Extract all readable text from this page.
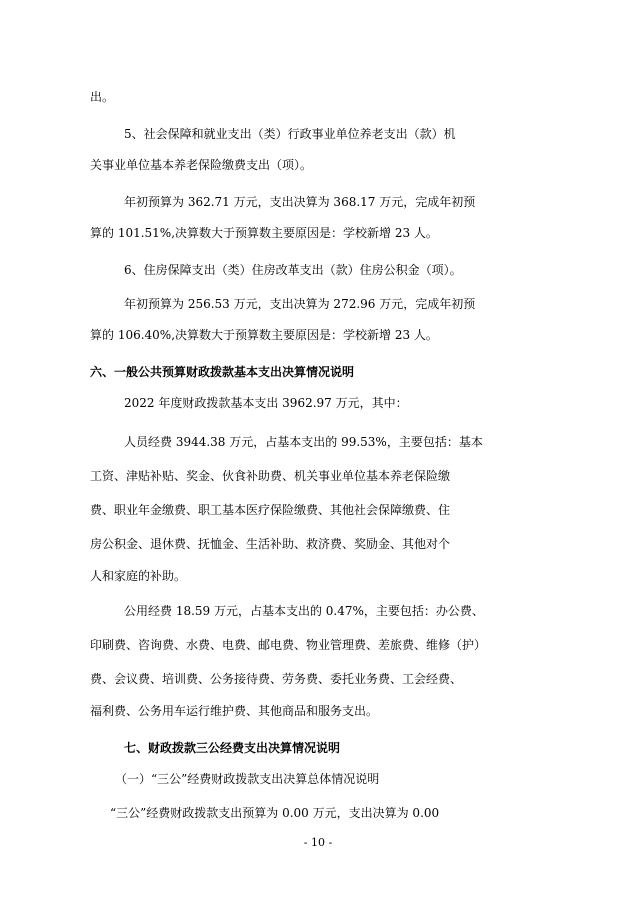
出。
5、社会保障和就业支出（类）行政事业单位养老支出（款）机
关事业单位基本养老保险缴费支出（项）。
年初预算为 362.71 万元，支出决算为 368.17 万元，完成年初预
算的 101.51%,决算数大于预算数主要原因是：学校新增 23 人。
6、住房保障支出（类）住房改革支出（款）住房公积金（项）。
年初预算为 256.53 万元，支出决算为 272.96 万元，完成年初预
算的 106.40%,决算数大于预算数主要原因是：学校新增 23 人。
六、一般公共预算财政拨款基本支出决算情况说明
2022 年度财政拨款基本支出 3962.97 万元，其中：
人员经费 3944.38 万元，占基本支出的 99.53%，主要包括：基本
工资、津贴补贴、奖金、伙食补助费、机关事业单位基本养老保险缴
费、职业年金缴费、职工基本医疗保险缴费、其他社会保障缴费、住
房公积金、退休费、抚恤金、生活补助、救济费、奖励金、其他对个
人和家庭的补助。
公用经费 18.59 万元，占基本支出的 0.47%，主要包括：办公费、
印刷费、咨询费、水费、电费、邮电费、物业管理费、差旅费、维修（护）
费、会议费、培训费、公务接待费、劳务费、委托业务费、工会经费、
福利费、公务用车运行维护费、其他商品和服务支出。
七、财政拨款三公经费支出决算情况说明
（一）“三公”经费财政拨款支出决算总体情况说明
“三公”经费财政拨款支出预算为 0.00 万元，支出决算为 0.00
- 10 -
